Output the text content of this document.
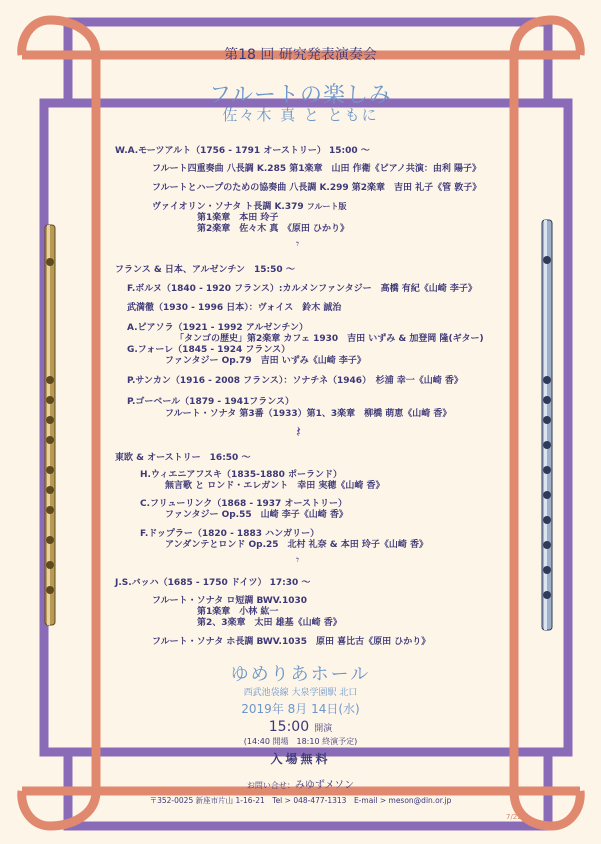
第18 回 研究発表演奏会
フルートの楽しみ
佐々木 真 と ともに
W.A.モーツアルト（1756 - 1791 オーストリー） 15:00 ～
フルート四重奏曲 八長調 K.285 第1楽章　山田 作衛《ピアノ共演：由利 陽子》
フルートとハープのための協奏曲 八長調 K.299 第2楽章　吉田 礼子《管 敦子》
ヴァイオリン・ソナタ ト長調 K.379 フルート版
第1楽章　本田 玲子
第2楽章　佐々木 真　《原田 ひかり》
𝄾
フランス & 日本、アルゼンチン　15:50 ～
F.ボルヌ（1840 - 1920 フランス）:カルメンファンタジー　高橋 有紀《山崎 李子》
武満徹（1930 - 1996 日本）：ヴォイス　鈴木 誠治
A.ピアソラ（1921 - 1992 アルゼンチン）
「タンゴの歴史」第2楽章 カフェ 1930　吉田 いずみ & 加登岡 隆(ギター)
G.フォーレ（1845 - 1924 フランス）
ファンタジー Op.79　吉田 いずみ《山崎 李子》
P.サンカン（1916 - 2008 フランス）：ソナチネ（1946）　杉浦 幸一《山崎 香》
P.ゴーベール（1879 - 1941フランス）
フルート・ソナタ 第3番（1933）第1、3楽章　柳橋 萌恵《山崎 香》
𝄽
東欧 & オーストリー　16:50 ～
H.ウィエニアフスキ（1835-1880 ポーランド）
無言歌 と ロンド・エレガント　幸田 実穂《山崎 香》
C.フリューリンク（1868 - 1937 オーストリー）
ファンタジー Op.55　山崎 李子《山崎 香》
F.ドップラー（1820 - 1883 ハンガリー）
アンダンテとロンド Op.25　北村 礼奈 & 本田 玲子《山崎 香》
𝄾
J.S.バッハ（1685 - 1750 ドイツ） 17:30 ～
フルート・ソナタ ロ短調 BWV.1030
第1楽章　小林 紘一
第2、3楽章　太田 雄基《山崎 香》
フルート・ソナタ ホ長調 BWV.1035　原田 喜比古《原田 ひかり》
ゆめりあホール
西武池袋線 大泉学園駅 北口
2019年 8月 14日(水)
15:00 開演
(14:40 開場　18:10 終演予定)
入場無料
お問い合せ：みゆずメソン
〒352-0025 新座市片山 1-16-21　Tel > 048-477-1313　E-mail > meson@din.or.jp
7/22
